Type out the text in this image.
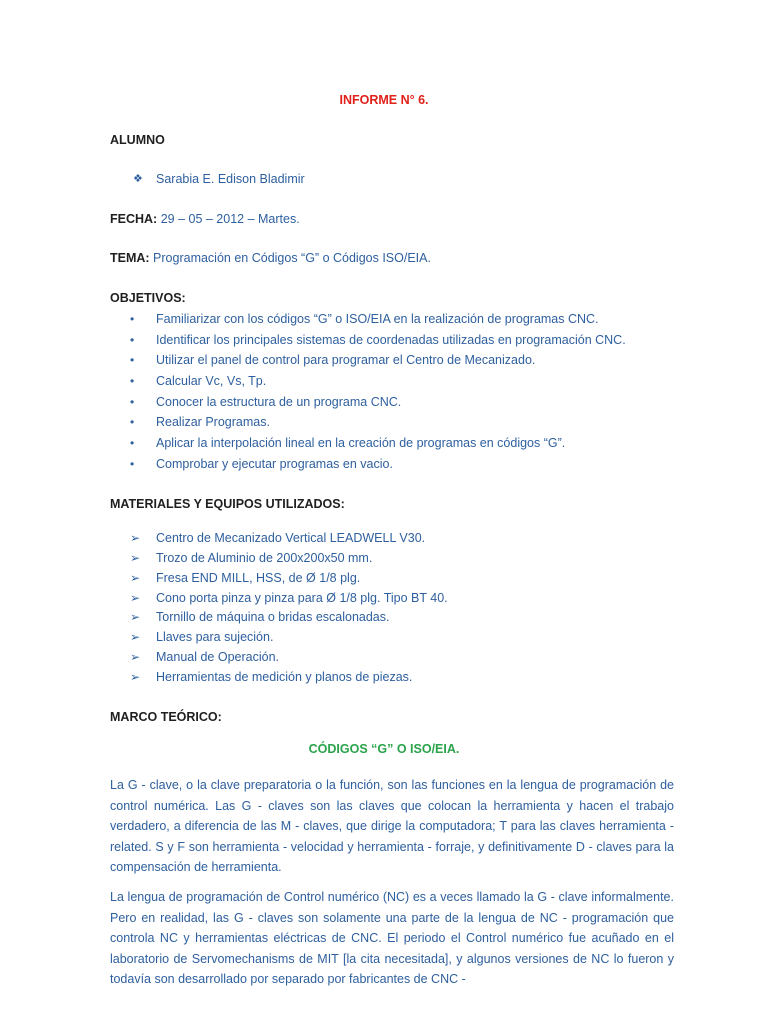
INFORME N° 6.
ALUMNO
❖ Sarabia E. Edison Bladimir
FECHA: 29 – 05 – 2012 – Martes.
TEMA: Programación en Códigos “G” o Códigos ISO/EIA.
OBJETIVOS:
• Familiarizar con los códigos “G” o ISO/EIA en la realización de programas CNC.
• Identificar los principales sistemas de coordenadas utilizadas en programación CNC.
• Utilizar el panel de control para programar el Centro de Mecanizado.
• Calcular Vc, Vs, Tp.
• Conocer la estructura de un programa CNC.
• Realizar Programas.
• Aplicar la interpolación lineal en la creación de programas en códigos “G”.
• Comprobar y ejecutar programas en vacio.
MATERIALES Y EQUIPOS UTILIZADOS:
➢ Centro de Mecanizado Vertical LEADWELL V30.
➢ Trozo de Aluminio de 200x200x50 mm.
➢ Fresa END MILL, HSS, de Ø 1/8 plg.
➢ Cono porta pinza y pinza para Ø 1/8 plg. Tipo BT 40.
➢ Tornillo de máquina o bridas escalonadas.
➢ Llaves para sujeción.
➢ Manual de Operación.
➢ Herramientas de medición y planos de piezas.
MARCO TEÓRICO:
CÓDIGOS “G” O ISO/EIA.
La G - clave, o la clave preparatoria o la función, son las funciones en la lengua de programación de control numérica. Las G - claves son las claves que colocan la herramienta y hacen el trabajo verdadero, a diferencia de las M - claves, que dirige la computadora; T para las claves herramienta -related. S y F son herramienta - velocidad y herramienta - forraje, y definitivamente D - claves para la compensación de herramienta.
La lengua de programación de Control numérico (NC) es a veces llamado la G - clave informalmente. Pero en realidad, las G - claves son solamente una parte de la lengua de NC - programación que controla NC y herramientas eléctricas de CNC. El periodo el Control numérico fue acuñado en el laboratorio de Servomechanisms de MIT [la cita necesitada], y algunos versiones de NC lo fueron y todavía son desarrollado por separado por fabricantes de CNC -
